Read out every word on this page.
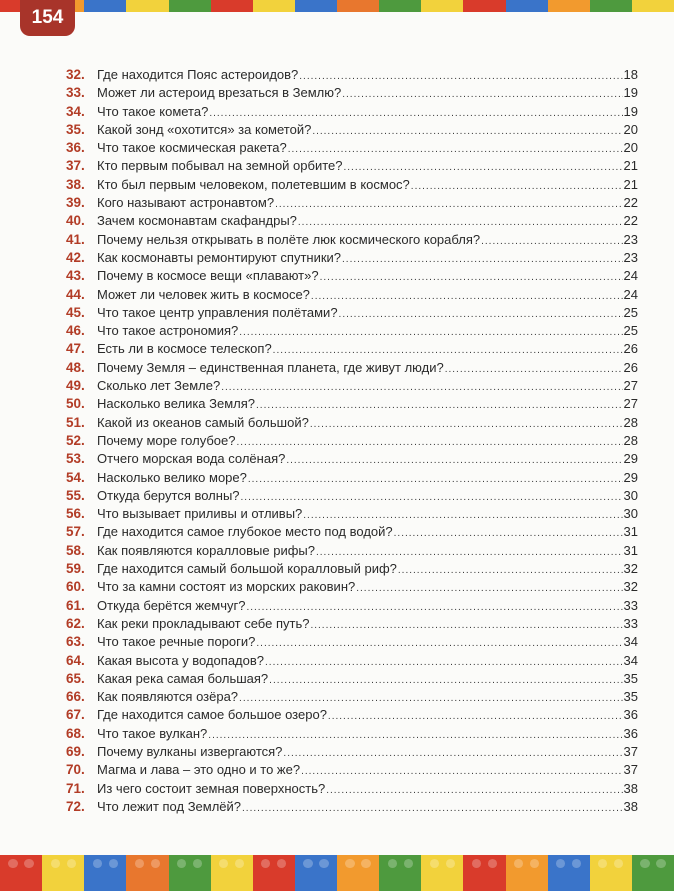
154
32. Где находится Пояс астероидов? .....	18
33. Может ли астероид врезаться в Землю? .....	19
34. Что такое комета? .....	19
35. Какой зонд «охотится» за кометой? .....	20
36. Что такое космическая ракета? .....	20
37. Кто первым побывал на земной орбите? .....	21
38. Кто был первым человеком, полетевшим в космос? .....	21
39. Кого называют астронавтом? .....	22
40. Зачем космонавтам скафандры? .....	22
41. Почему нельзя открывать в полёте люк космического корабля? .....	23
42. Как космонавты ремонтируют спутники? .....	23
43. Почему в космосе вещи «плавают»? .....	24
44. Может ли человек жить в космосе? .....	24
45. Что такое центр управления полётами? .....	25
46. Что такое астрономия? .....	25
47. Есть ли в космосе телескоп? .....	26
48. Почему Земля – единственная планета, где живут люди? .....	26
49. Сколько лет Земле? .....	27
50. Насколько велика Земля? .....	27
51. Какой из океанов самый большой? .....	28
52. Почему море голубое? .....	28
53. Отчего морская вода солёная? .....	29
54. Насколько велико море? .....	29
55. Откуда берутся волны? .....	30
56. Что вызывает приливы и отливы? .....	30
57. Где находится самое глубокое место под водой? .....	31
58. Как появляются коралловые рифы? .....	31
59. Где находится самый большой коралловый риф? .....	32
60. Что за камни состоят из морских раковин? .....	32
61. Откуда берётся жемчуг? .....	33
62. Как реки прокладывают себе путь? .....	33
63. Что такое речные пороги? .....	34
64. Какая высота у водопадов? .....	34
65. Какая река самая большая? .....	35
66. Как появляются озёра? .....	35
67. Где находится самое большое озеро? .....	36
68. Что такое вулкан? .....	36
69. Почему вулканы извергаются? .....	37
70. Магма и лава – это одно и то же? .....	37
71. Из чего состоит земная поверхность? .....	38
72. Что лежит под Землёй? .....	38
